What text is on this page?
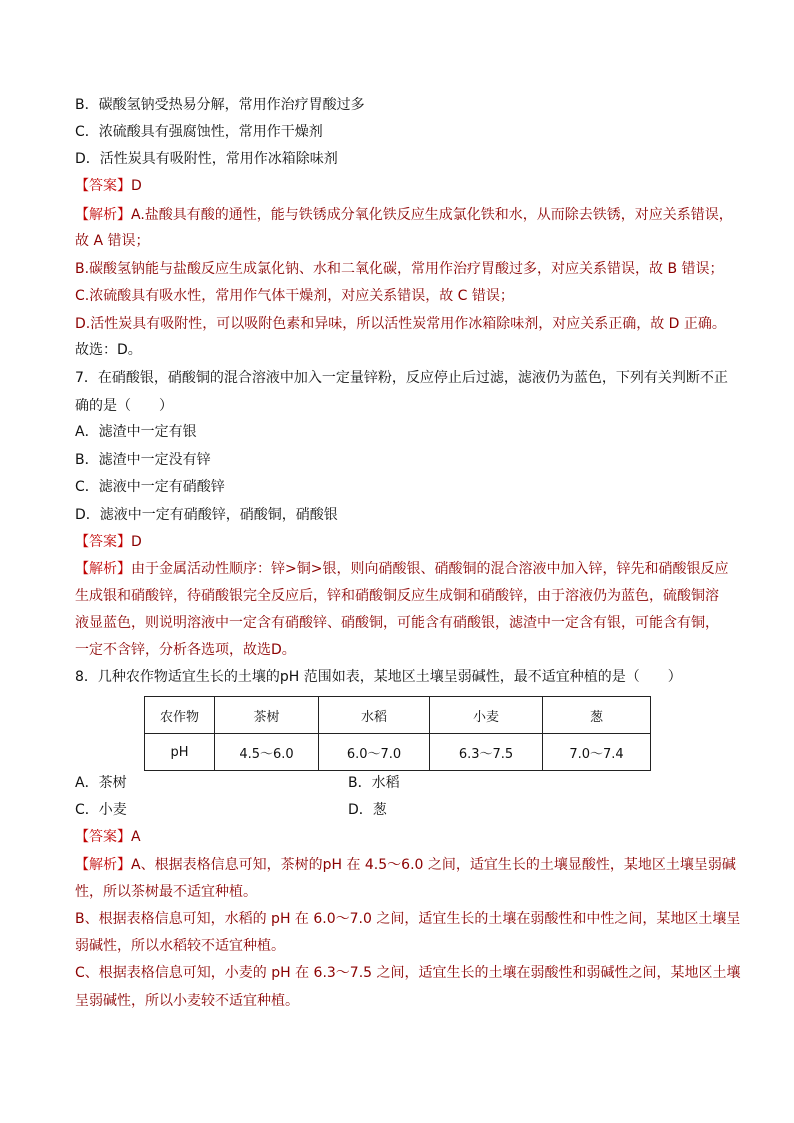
B．碳酸氢钠受热易分解，常用作治疗胃酸过多
C．浓硫酸具有强腐蚀性，常用作干燥剂
D．活性炭具有吸附性，常用作冰箱除味剂
【答案】D
【解析】A.盐酸具有酸的通性，能与铁锈成分氧化铁反应生成氯化铁和水，从而除去铁锈，对应关系错误，
故 A 错误；
B.碳酸氢钠能与盐酸反应生成氯化钠、水和二氧化碳，常用作治疗胃酸过多，对应关系错误，故 B 错误；
C.浓硫酸具有吸水性，常用作气体干燥剂，对应关系错误，故 C 错误；
D.活性炭具有吸附性，可以吸附色素和异味，所以活性炭常用作冰箱除味剂，对应关系正确，故 D 正确。
故选：D。
7．在硝酸银，硝酸铜的混合溶液中加入一定量锌粉，反应停止后过滤，滤液仍为蓝色，下列有关判断不正
确的是（　　）
A．滤渣中一定有银
B．滤渣中一定没有锌
C．滤液中一定有硝酸锌
D．滤液中一定有硝酸锌，硝酸铜，硝酸银
【答案】D
【解析】由于金属活动性顺序：锌>铜>银，则向硝酸银、硝酸铜的混合溶液中加入锌，锌先和硝酸银反应
生成银和硝酸锌，待硝酸银完全反应后，锌和硝酸铜反应生成铜和硝酸锌，由于溶液仍为蓝色，硫酸铜溶
液显蓝色，则说明溶液中一定含有硝酸锌、硝酸铜，可能含有硝酸银，滤渣中一定含有银，可能含有铜，
一定不含锌，分析各选项，故选D。
8．几种农作物适宜生长的土壤的pH 范围如表，某地区土壤呈弱碱性，最不适宜种植的是（　　）
农作物	茶树	水稻	小麦	葱
pH	4.5～6.0	6.0～7.0	6.3～7.5	7.0～7.4
A．茶树	B．水稻
C．小麦	D．葱
【答案】A
【解析】A、根据表格信息可知，茶树的pH 在 4.5～6.0 之间，适宜生长的土壤显酸性，某地区土壤呈弱碱
性，所以茶树最不适宜种植。
B、根据表格信息可知，水稻的 pH 在 6.0～7.0 之间，适宜生长的土壤在弱酸性和中性之间，某地区土壤呈
弱碱性，所以水稻较不适宜种植。
C、根据表格信息可知，小麦的 pH 在 6.3～7.5 之间，适宜生长的土壤在弱酸性和弱碱性之间，某地区土壤
呈弱碱性，所以小麦较不适宜种植。
